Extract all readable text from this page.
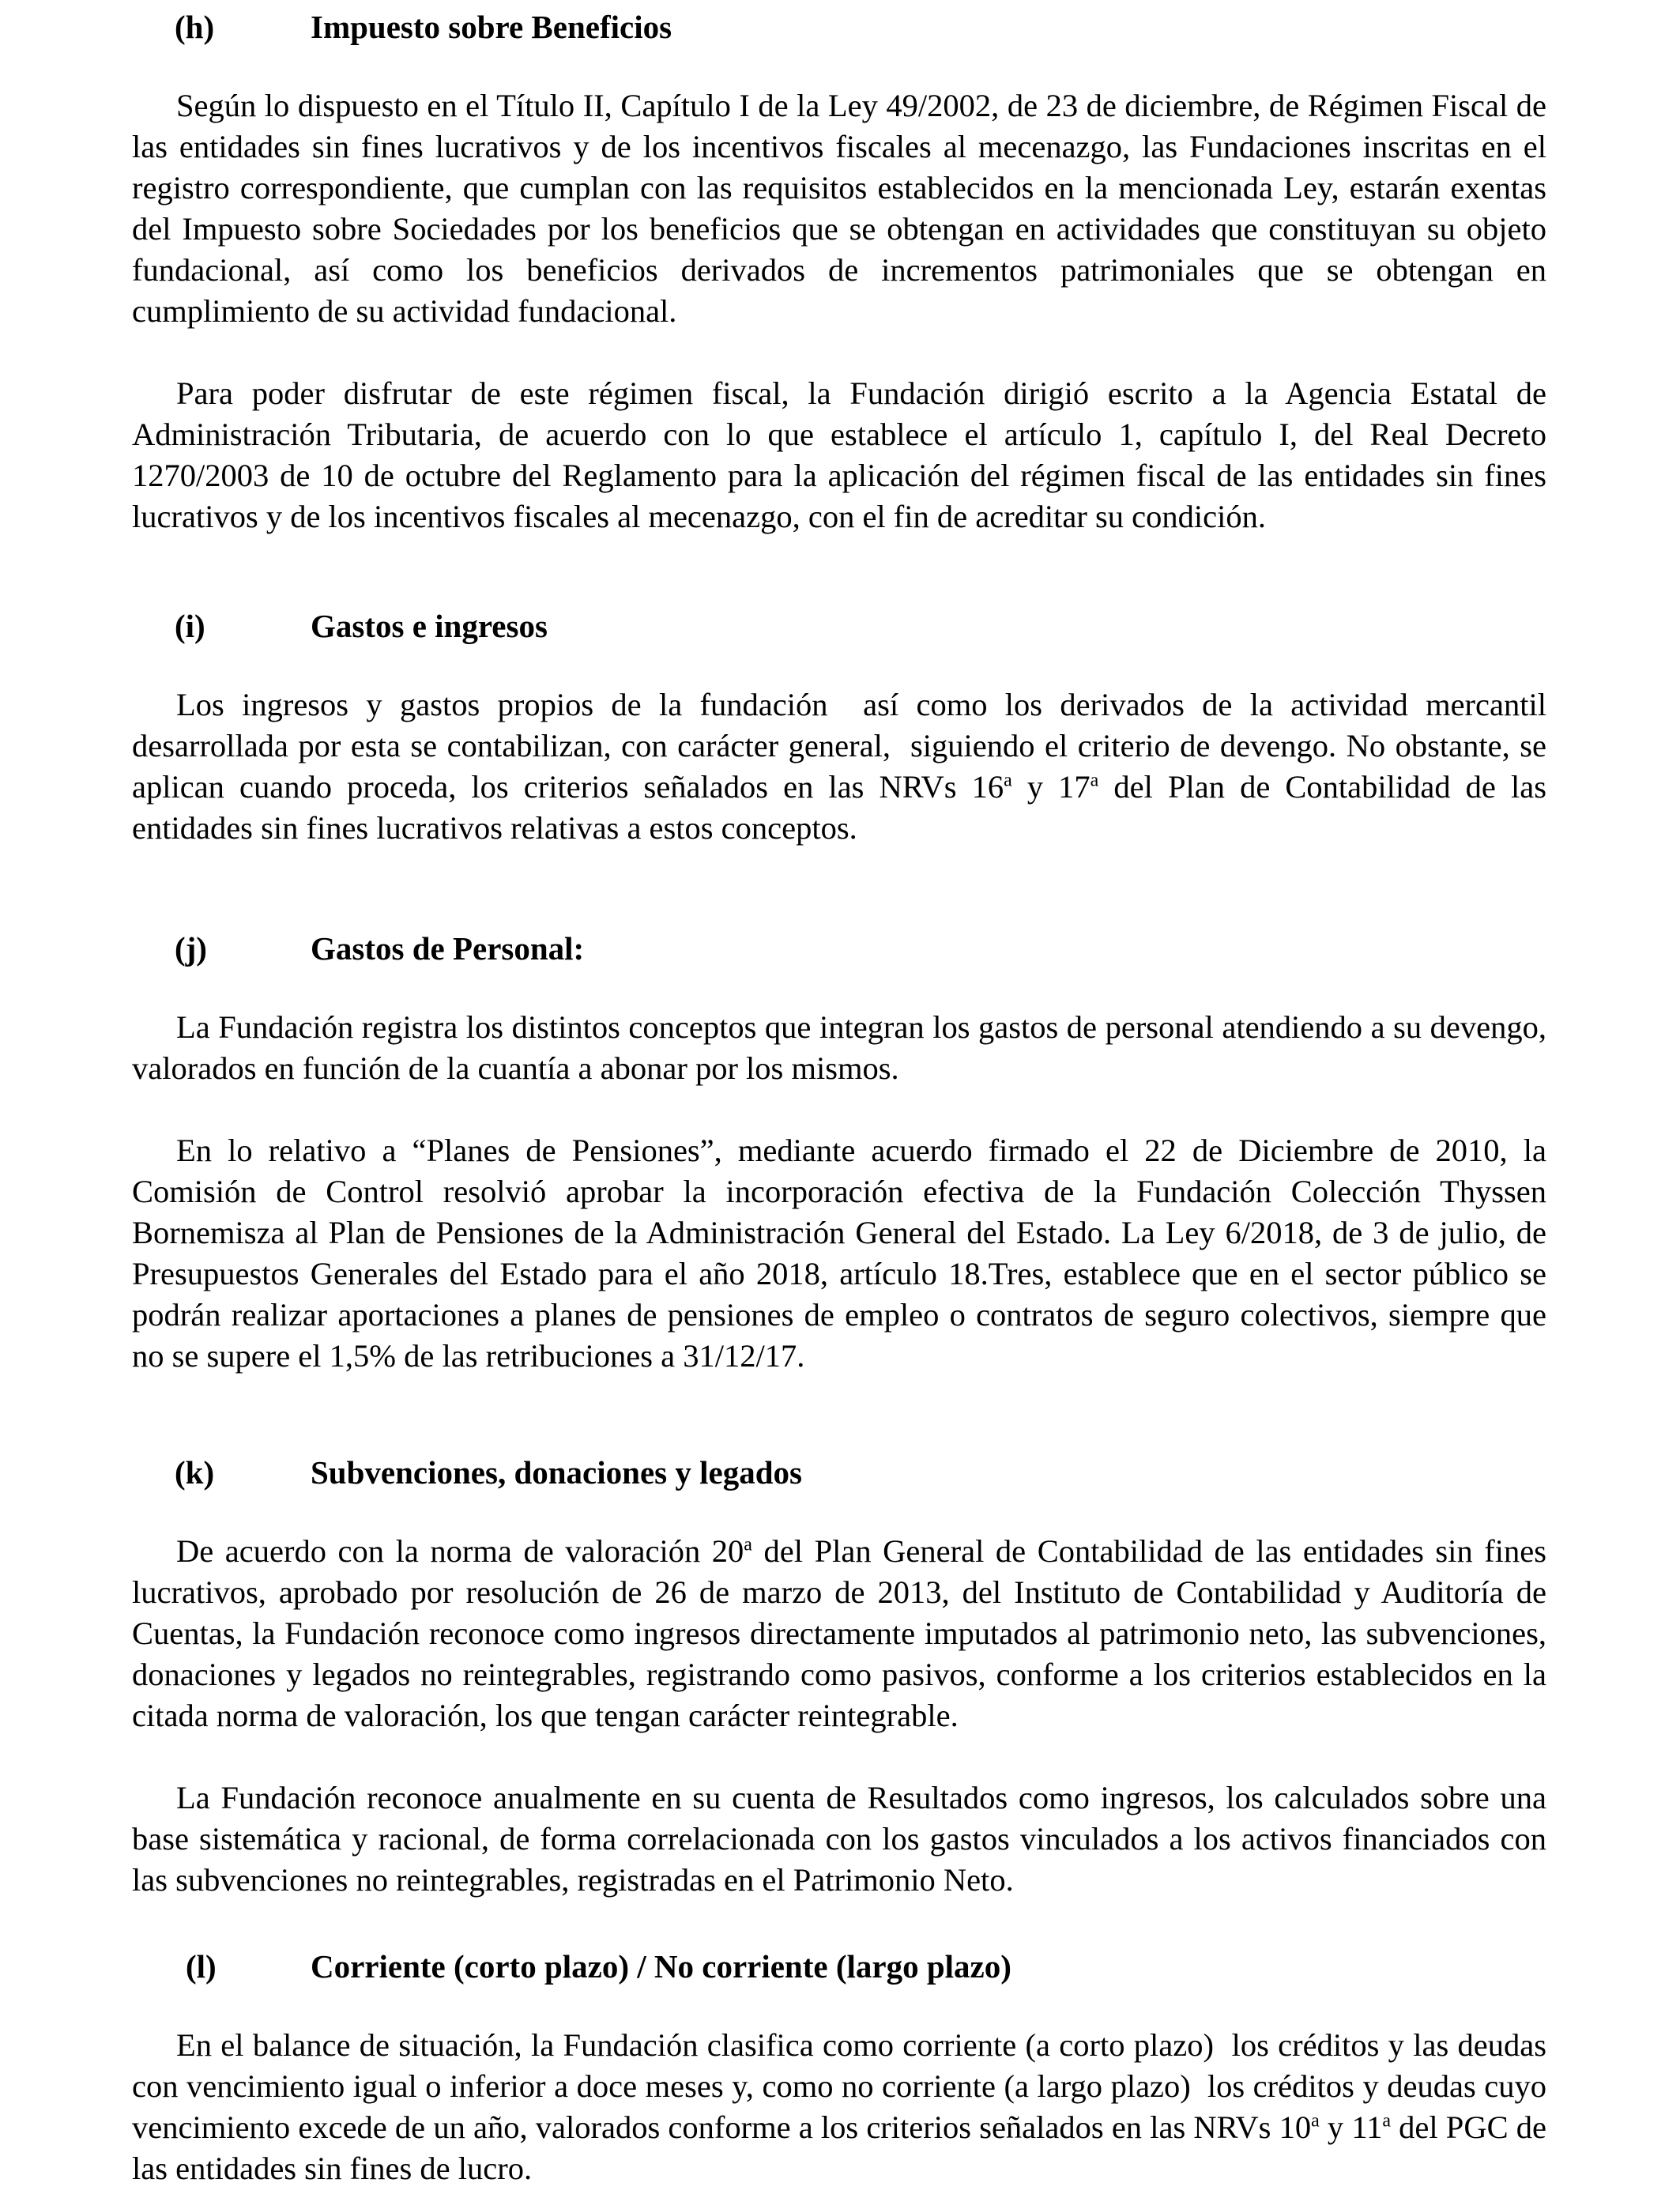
(h)	Impuesto sobre Beneficios

Según lo dispuesto en el Título II, Capítulo I de la Ley 49/2002, de 23 de diciembre, de Régimen Fiscal de las entidades sin fines lucrativos y de los incentivos fiscales al mecenazgo, las Fundaciones inscritas en el registro correspondiente, que cumplan con las requisitos establecidos en la mencionada Ley, estarán exentas del Impuesto sobre Sociedades por los beneficios que se obtengan en actividades que constituyan su objeto fundacional, así como los beneficios derivados de incrementos patrimoniales que se obtengan en cumplimiento de su actividad fundacional.

Para poder disfrutar de este régimen fiscal, la Fundación dirigió escrito a la Agencia Estatal de Administración Tributaria, de acuerdo con lo que establece el artículo 1, capítulo I, del Real Decreto 1270/2003 de 10 de octubre del Reglamento para la aplicación del régimen fiscal de las entidades sin fines lucrativos y de los incentivos fiscales al mecenazgo, con el fin de acreditar su condición.

(i)	Gastos e ingresos

Los ingresos y gastos propios de la fundación  así como los derivados de la actividad mercantil desarrollada por esta se contabilizan, con carácter general,  siguiendo el criterio de devengo. No obstante, se aplican cuando proceda, los criterios señalados en las NRVs 16$^a$ y 17$^a$ del Plan de Contabilidad de las entidades sin fines lucrativos relativas a estos conceptos.

(j)	Gastos de Personal:

La Fundación registra los distintos conceptos que integran los gastos de personal atendiendo a su devengo, valorados en función de la cuantía a abonar por los mismos.

En lo relativo a “Planes de Pensiones”, mediante acuerdo firmado el 22 de Diciembre de 2010, la Comisión de Control resolvió aprobar la incorporación efectiva de la Fundación Colección Thyssen Bornemisza al Plan de Pensiones de la Administración General del Estado. La Ley 6/2018, de 3 de julio, de Presupuestos Generales del Estado para el año 2018, artículo 18.Tres, establece que en el sector público se podrán realizar aportaciones a planes de pensiones de empleo o contratos de seguro colectivos, siempre que no se supere el 1,5% de las retribuciones a 31/12/17.

(k)	Subvenciones, donaciones y legados

De acuerdo con la norma de valoración 20$^a$ del Plan General de Contabilidad de las entidades sin fines lucrativos, aprobado por resolución de 26 de marzo de 2013, del Instituto de Contabilidad y Auditoría de Cuentas, la Fundación reconoce como ingresos directamente imputados al patrimonio neto, las subvenciones, donaciones y legados no reintegrables, registrando como pasivos, conforme a los criterios establecidos en la citada norma de valoración, los que tengan carácter reintegrable.

La Fundación reconoce anualmente en su cuenta de Resultados como ingresos, los calculados sobre una base sistemática y racional, de forma correlacionada con los gastos vinculados a los activos financiados con las subvenciones no reintegrables, registradas en el Patrimonio Neto.

(l)	Corriente (corto plazo) / No corriente (largo plazo)

En el balance de situación, la Fundación clasifica como corriente (a corto plazo)  los créditos y las deudas con vencimiento igual o inferior a doce meses y, como no corriente (a largo plazo)  los créditos y deudas cuyo vencimiento excede de un año, valorados conforme a los criterios señalados en las NRVs 10$^a$ y 11$^a$ del PGC de las entidades sin fines de lucro.
